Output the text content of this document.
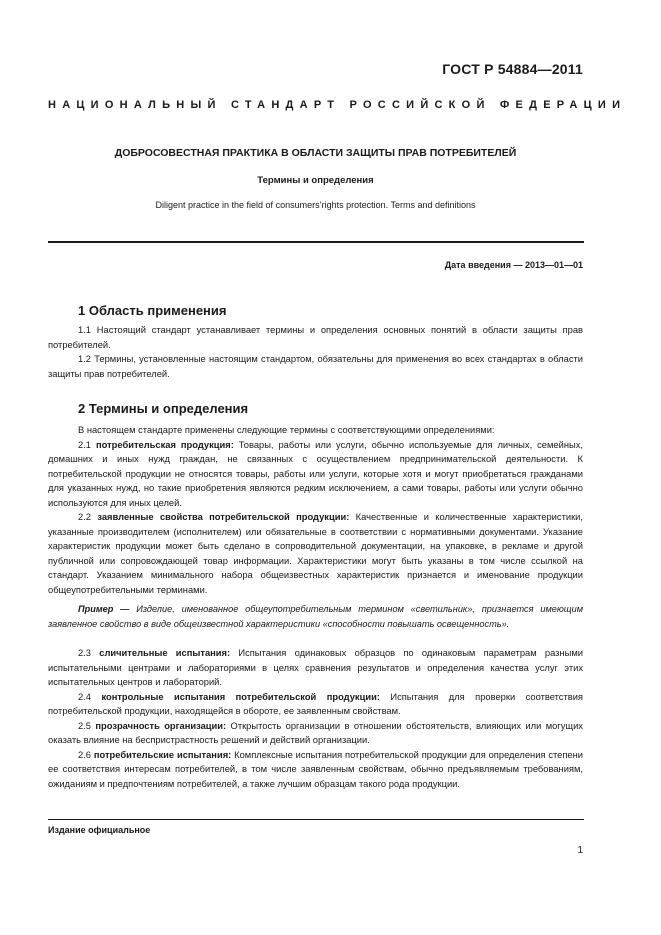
ГОСТ Р 54884—2011
НАЦИОНАЛЬНЫЙ СТАНДАРТ РОССИЙСКОЙ ФЕДЕРАЦИИ
ДОБРОСОВЕСТНАЯ ПРАКТИКА В ОБЛАСТИ ЗАЩИТЫ ПРАВ ПОТРЕБИТЕЛЕЙ
Термины и определения
Diligent practice in the field of consumers’rights protection. Terms and definitions
Дата введения — 2013—01—01
1 Область применения

1.1 Настоящий стандарт устанавливает термины и определения основных понятий в области защиты прав потребителей.

1.2 Термины, установленные настоящим стандартом, обязательны для применения во всех стандартах в области защиты прав потребителей.

2 Термины и определения

В настоящем стандарте применены следующие термины с соответствующими определениями:

2.1 потребительская продукция: Товары, работы или услуги, обычно используемые для личных, семейных, домашних и иных нужд граждан, не связанных с осуществлением предпринимательской деятельности. К потребительской продукции не относятся товары, работы или услуги, которые хотя и могут приобретаться гражданами для указанных нужд, но такие приобретения являются редким исключением, а сами товары, работы или услуги обычно используются для иных целей.

2.2 заявленные свойства потребительской продукции: Качественные и количественные характеристики, указанные производителем (исполнителем) или обязательные в соответствии с нормативными документами. Указание характеристик продукции может быть сделано в сопроводительной документации, на упаковке, в рекламе и другой публичной или сопровождающей товар информации. Характеристики могут быть указаны в том числе ссылкой на стандарт. Указанием минимального набора общеизвестных характеристик признается и именование продукции общеупотребительными терминами.

Пример — Изделие, именованное общеупотребительным термином «светильник», признается имеющим заявленное свойство в виде общеизвестной характеристики «способности повышать освещенность».

2.3 сличительные испытания: Испытания одинаковых образцов по одинаковым параметрам разными испытательными центрами и лабораториями в целях сравнения результатов и определения качества услуг этих испытательных центров и лабораторий.

2.4 контрольные испытания потребительской продукции: Испытания для проверки соответствия потребительской продукции, находящейся в обороте, ее заявленным свойствам.

2.5 прозрачность организации: Открытость организации в отношении обстоятельств, влияющих или могущих оказать влияние на беспристрастность решений и действий организации.

2.6 потребительские испытания: Комплексные испытания потребительской продукции для определения степени ее соответствия интересам потребителей, в том числе заявленным свойствам, обычно предъявляемым требованиям, ожиданиям и предпочтениям потребителей, а также лучшим образцам такого рода продукции.

Издание официальное
1
